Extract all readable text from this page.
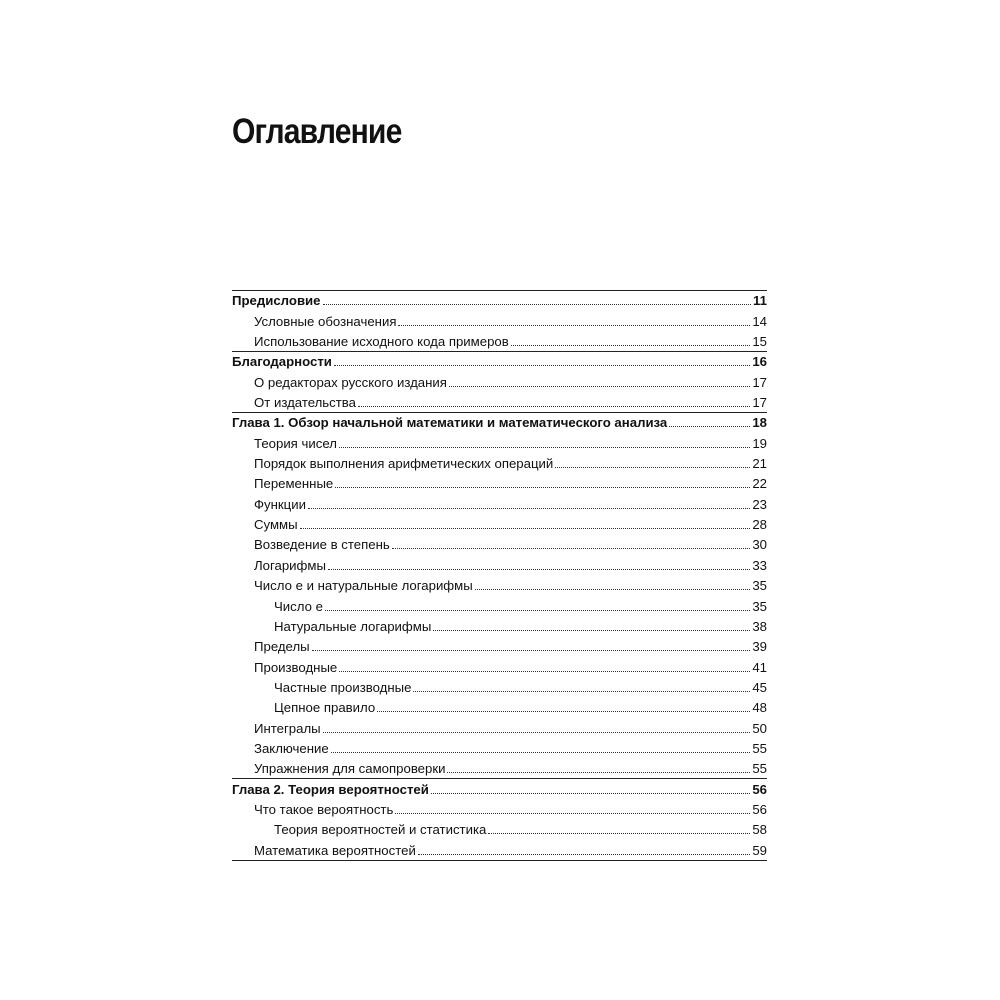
Оглавление
Предисловие	11
Условные обозначения	14
Использование исходного кода примеров	15
Благодарности	16
О редакторах русского издания	17
От издательства	17
Глава 1. Обзор начальной математики и математического анализа	18
Теория чисел	19
Порядок выполнения арифметических операций	21
Переменные	22
Функции	23
Суммы	28
Возведение в степень	30
Логарифмы	33
Число e и натуральные логарифмы	35
Число e	35
Натуральные логарифмы	38
Пределы	39
Производные	41
Частные производные	45
Цепное правило	48
Интегралы	50
Заключение	55
Упражнения для самопроверки	55
Глава 2. Теория вероятностей	56
Что такое вероятность	56
Теория вероятностей и статистика	58
Математика вероятностей	59
